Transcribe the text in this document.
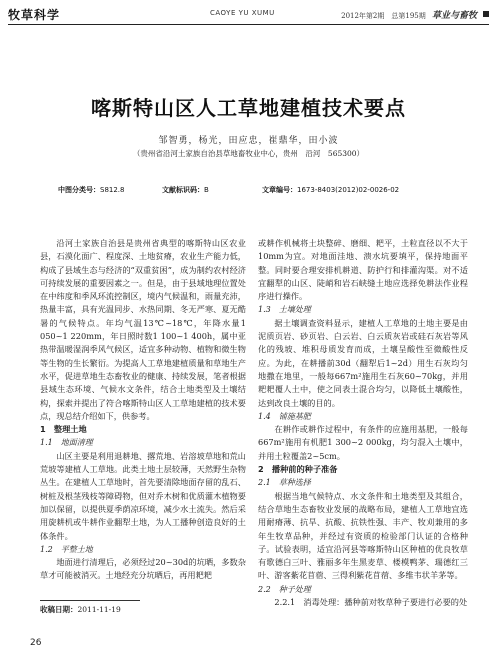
牧草科学	CAOYE YU XUMU	2012年第2期　总第195期 草业与畜牧
喀斯特山区人工草地建植技术要点
邹智勇，杨光，田应忠，崔鼎华，田小波
（贵州省沿河土家族自治县草地畜牧业中心，贵州　沿河　565300）
中图分类号：S812.8	文献标识码：B	文章编号：1673-8403(2012)02-0026-02

沿河土家族自治县是贵州省典型的喀斯特山区农业县，石漠化面广、程度深、土地贫瘠，农业生产能力低，构成了县域生态与经济的“双重贫困”，成为制约农村经济可持续发展的重要因素之一。但是，由于县域地理位置处在中纬度和季风环流控制区，境内气候温和，雨量充沛，热量丰富，具有光温同步、水热同期、冬无严寒、夏无酷暑的气候特点。年均气温13℃~18℃，年降水量1 050~1 220mm，年日照时数1 100~1 400h，属中亚热带温暖湿润季风气候区，适宜多种动物、植物和微生物等生物的生长繁衍。为提高人工草地建植质量和草地生产水平，促进草地生态畜牧业的健康、持续发展，笔者根据县域生态环境、气候水文条件，结合土地类型及土壤结构，探索并提出了符合喀斯特山区人工草地建植的技术要点，现总结介绍如下，供参考。

1　整理土地
1.1　地面清理

山区主要是利用退耕地、撂荒地、岩溶坡草地和荒山荒坡等建植人工草地。此类土地土层较薄，天然野生杂物丛生。在建植人工草地时，首先要清除地面存留的乱石、树桩及根茎残枝等障碍物，但对乔木树和优质灌木植物要加以保留，以提供夏季荫凉环境，减少水土流失。然后采用旋耕机或牛耕作业翻犁土地，为人工播种创造良好的土体条件。

1.2　平整土地

地面进行清理后，必须经过20~30d的坑晒，多数杂草才可能被消灭。土地经充分坑晒后，再用耙耙

或耕作机械将土块整碎、磨细、耙平，土粒直径以不大于10mm为宜。对地面洼地、溃水坑要填平，保持地面平整。同时要合理安排机耕道、防护行和排灌沟渠。对不适宜翻犁的山区、陡峭和岩石峡缝土地应选择免耕法作业程序进行操作。

1.3　土壤处理

据土壤调查资料显示，建植人工草地的土地主要是由泥质页岩、砂页岩、白云岩、白云质灰岩或硅石灰岩等风化的残坡、堆积母质发育而成，土壤呈酸性至微酸性反应。为此，在耕播前30d（翻犁后1~2d）用生石灰均匀地撒在地里，一般每667m²施用生石灰60~70kg，并用耙耙覆人土中，使之同表土混合均匀，以降低土壤酸性，达到改良土壤的目的。

1.4　铺施基肥

在耕作或耕作过程中，有条件的应施用基肥，一般每667m²施用有机肥1 300~2 000kg，均匀混入土壤中，并用土粒覆盖2~5cm。

2　播种前的种子准备
2.1　草种选择

根据当地气候特点、水文条件和土地类型及其组合，结合草地生态畜牧业发展的战略布局，建植人工草地宜选用耐瘠薄、抗旱、抗酸、抗铁性强、丰产、牧刈兼用的多年生牧草品种，并经过有资质的检验部门认证的合格种子。试验表明，适宜沿河县等喀斯特山区种植的优良牧草有歌德白三叶、雅丽多年生黑麦草、楼模鸭茅、瑞德红三叶、游客紫花苜蓿、三得利紫花苜蓿、多维韦状羊茅等。

2.2　种子处理

2.2.1　消毒处理：播种前对牧草种子要进行必要的处

收稿日期：2011-11-19
26
